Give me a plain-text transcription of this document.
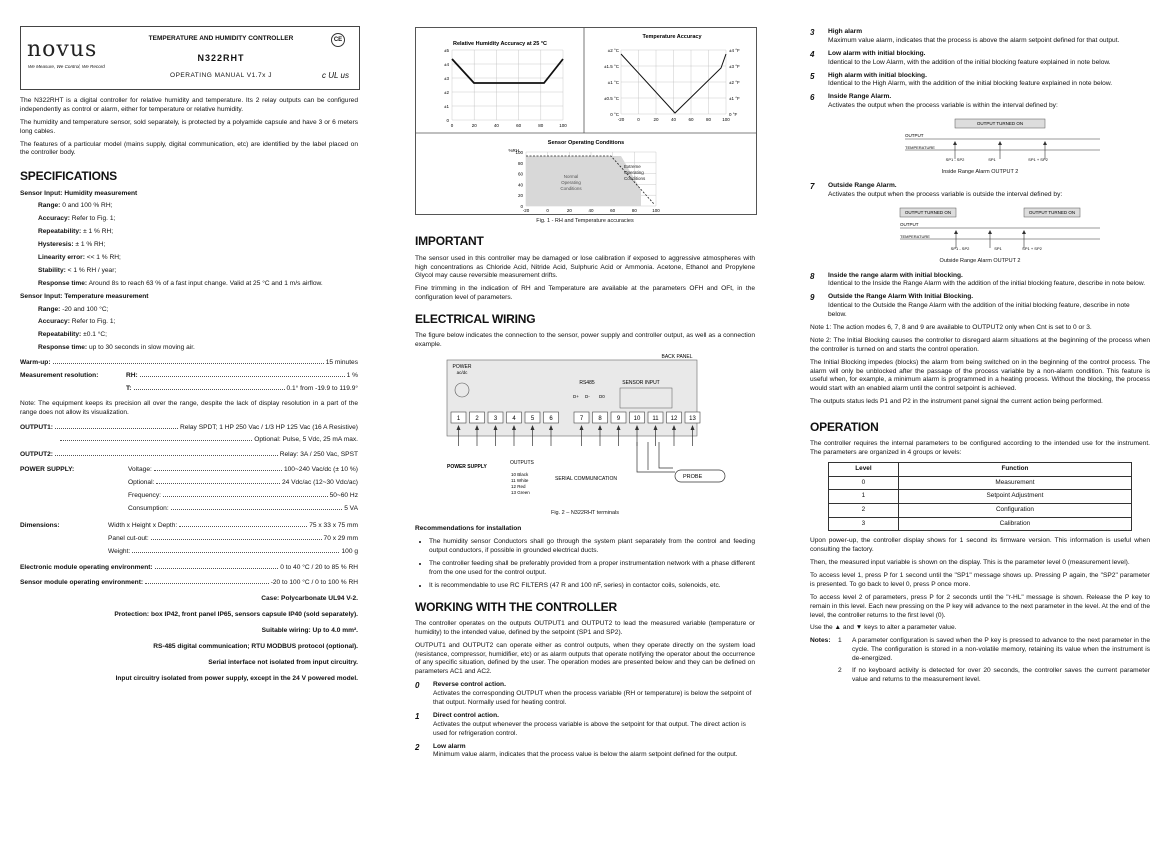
novus
We Measure, We Control, We Record
TEMPERATURE AND HUMIDITY CONTROLLER
N322RHT
OPERATING MANUAL V1.7x J
CE
c UL us

The N322RHT is a digital controller for relative humidity and temperature. Its 2 relay outputs can be configured independently as control or alarm, either for temperature or relative humidity.

The humidity and temperature sensor, sold separately, is protected by a polyamide capsule and have 3 or 6 meters long cables.

The features of a particular model (mains supply, digital communication, etc) are identified by the label placed on the controller body.

SPECIFICATIONS
Sensor Input: Humidity measurement
Range: 0 and 100 % RH;
Accuracy: Refer to Fig. 1;
Repeatability: ± 1 % RH;
Hysteresis: ± 1 % RH;
Linearity error: << 1 % RH;
Stability: < 1 % RH / year;
Response time: Around 8s to reach 63 % of a fast input change. Valid at 25 °C and 1 m/s airflow.
Sensor Input: Temperature measurement
Range: -20 and 100 °C;
Accuracy: Refer to Fig. 1;
Repeatability: ±0.1 °C;
Response time: up to 30 seconds in slow moving air.
Warm-up:	15 minutes
Measurement resolution:	RH:	1 %
T:	0.1° from -19.9 to 119.9°

Note: The equipment keeps its precision all over the range, despite the lack of display resolution in a part of the range does not allow its visualization.

OUTPUT1:	Relay SPDT; 1 HP 250 Vac / 1/3 HP 125 Vac (16 A Resistive)
Optional: Pulse, 5 Vdc, 25 mA max.
OUTPUT2:	Relay: 3A / 250 Vac, SPST
POWER SUPPLY:	Voltage:	100~240 Vac/dc (± 10 %)
Optional:	24 Vdc/ac (12~30 Vdc/ac)
Frequency:	50~60 Hz
Consumption:	5 VA
Dimensions:	Width x Height x Depth:	75 x 33 x 75 mm
Panel cut-out:	70 x 29 mm
Weight:	100 g
Electronic module operating environment:	0 to 40 °C / 20 to 85 % RH
Sensor module operating environment:	-20 to 100 °C / 0 to 100 % RH
Case: Polycarbonate UL94 V-2.
Protection: box IP42, front panel IP65, sensors capsule IP40 (sold separately).
Suitable wiring: Up to 4.0 mm².
RS-485 digital communication; RTU MODBUS protocol (optional).
Serial interface not isolated from input circuitry.
Input circuitry isolated from power supply, except in the 24 V powered model.
Relative Humidity Accuracy at 25 °C
±5
±4
±3
±2
±1
0
0	20	40	60	80	100
Temperature Accuracy
±2 °C
±1.5 °C
±1 °C
±0.5 °C
0 °C
±4 °F
±3 °F
±2 °F
±1 °F
0 °F
-20	0	20	40	60	80 100
Sensor Operating Conditions
Normal
Operating
Conditions
Extreme
Operating
Conditions
%RH
100
80
60
40
20
0
-20	0	20	40	60	80	100
Fig. 1 - RH and Temperature accuracies
IMPORTANT

The sensor used in this controller may be damaged or lose calibration if exposed to aggressive atmospheres with high concentrations as Chloride Acid, Nitride Acid, Sulphuric Acid or Ammonia. Acetone, Ethanol and Propylene Glycol may cause reversible measurement drifts.

Fine trimming in the indication of RH and Temperature are available at the parameters OFH and OFt, in the configuration level of parameters.

ELECTRICAL WIRING

The figure below indicates the connection to the sensor, power supply and controller output, as well as a connection example.

BACK PANEL
POWER
ac/dc
RS485	SENSOR INPUT
D+ D- D0
1	2	3	4	5	6	7	8	9 10 11 12 13
POWER SUPPLY
OUTPUTS
SERIAL COMMUNICATION	PROBE
10 Black
11 White
12 Red
13 Green
Fig. 2 – N322RHT terminals
Recommendations for installation
• The humidity sensor Conductors shall go through the system plant separately from the control and feeding output conductors, if possible in grounded electrical ducts.
• The controller feeding shall be preferably provided from a proper instrumentation network with a phase different from the one used for the control output.
• It is recommendable to use RC FILTERS (47 R and 100 nF, series) in contactor coils, solenoids, etc.
WORKING WITH THE CONTROLLER

The controller operates on the outputs OUTPUT1 and OUTPUT2 to lead the measured variable (temperature or humidity) to the intended value, defined by the setpoint (SP1 and SP2).

OUTPUT1 and OUTPUT2 can operate either as control outputs, when they operate directly on the system load (resistance, compressor, humidifier, etc) or as alarm outputs that operate notifying the operator about the occurrence of any specific situation, defined by the user. The operation modes are presented below and they can be defined on parameters AC1 and AC2.

0	Reverse control action.
Activates the corresponding OUTPUT when the process variable (RH or temperature) is below the setpoint of that output. Normally used for heating control.
1	Direct control action.
Activates the output whenever the process variable is above the setpoint for that output. The direct action is used for refrigeration control.
2	Low alarm
Minimum value alarm, indicates that the process value is below the alarm setpoint defined for the output.
3	High alarm
Maximum value alarm, indicates that the process is above the alarm setpoint defined for that output.
4	Low alarm with initial blocking.
Identical to the Low Alarm, with the addition of the initial blocking feature explained in note below.
5	High alarm with initial blocking.
Identical to the High Alarm, with the addition of the initial blocking feature explained in note below.
6	Inside Range Alarm.
Activates the output when the process variable is within the interval defined by:
OUTPUT TURNED ON
OUTPUT
TEMPERATURE
SP1 - SP2	SP1	SP1 + SP2
Inside Range Alarm OUTPUT 2
7	Outside Range Alarm.
Activates the output when the process variable is outside the interval defined by:
OUTPUT TURNED ON	OUTPUT TURNED ON
OUTPUT
TEMPERATURE
SP1 - SP2	SP1	SP1 + SP2
Outside Range Alarm OUTPUT 2
8	Inside the range alarm with initial blocking.
Identical to the Inside the Range Alarm with the addition of the initial blocking feature, describe in note below.
9	Outside the Range Alarm With Initial Blocking.
Identical to the Outside the Range Alarm with the addition of the initial blocking feature, describe in note below.

Note 1: The action modes 6, 7, 8 and 9 are available to OUTPUT2 only when Cnt is set to 0 or 3.

Note 2: The Initial Blocking causes the controller to disregard alarm situations at the beginning of the process when the controller is turned on and starts the control operation.

The Initial Blocking impedes (blocks) the alarm from being switched on in the beginning of the control process. The alarm will only be unblocked after the passage of the process variable by a non-alarm condition. This feature is useful when, for example, a minimum alarm is programmed in a heating process. Without the blocking, the process would start with an enabled alarm until the control setpoint is achieved.

The outputs status leds P1 and P2 in the instrument panel signal the current action being performed.

OPERATION

The controller requires the internal parameters to be configured according to the intended use for the instrument. The parameters are organized in 4 groups or levels:

Level	Function
0	Measurement
1	Setpoint Adjustment
2	Configuration
3	Calibration

Upon power-up, the controller display shows for 1 second its firmware version. This information is useful when consulting the factory.

Then, the measured input variable is shown on the display. This is the parameter level 0 (measurement level).

To access level 1, press P for 1 second until the "SP1" message shows up. Pressing P again, the "SP2" parameter is presented. To go back to level 0, press P once more.

To access level 2 of parameters, press P for 2 seconds until the "r-HL" message is shown. Release the P key to remain in this level. Each new pressing on the P key will advance to the next parameter in the level. At the end of the level, the controller returns to the first level (0).

Use the ▲ and ▼ keys to alter a parameter value.

Notes:	1	A parameter configuration is saved when the P key is pressed to advance to the next parameter in the cycle. The configuration is stored in a non-volatile memory, retaining its value when the instrument is de-energized.
2	If no keyboard activity is detected for over 20 seconds, the controller saves the current parameter value and returns to the measurement level.
